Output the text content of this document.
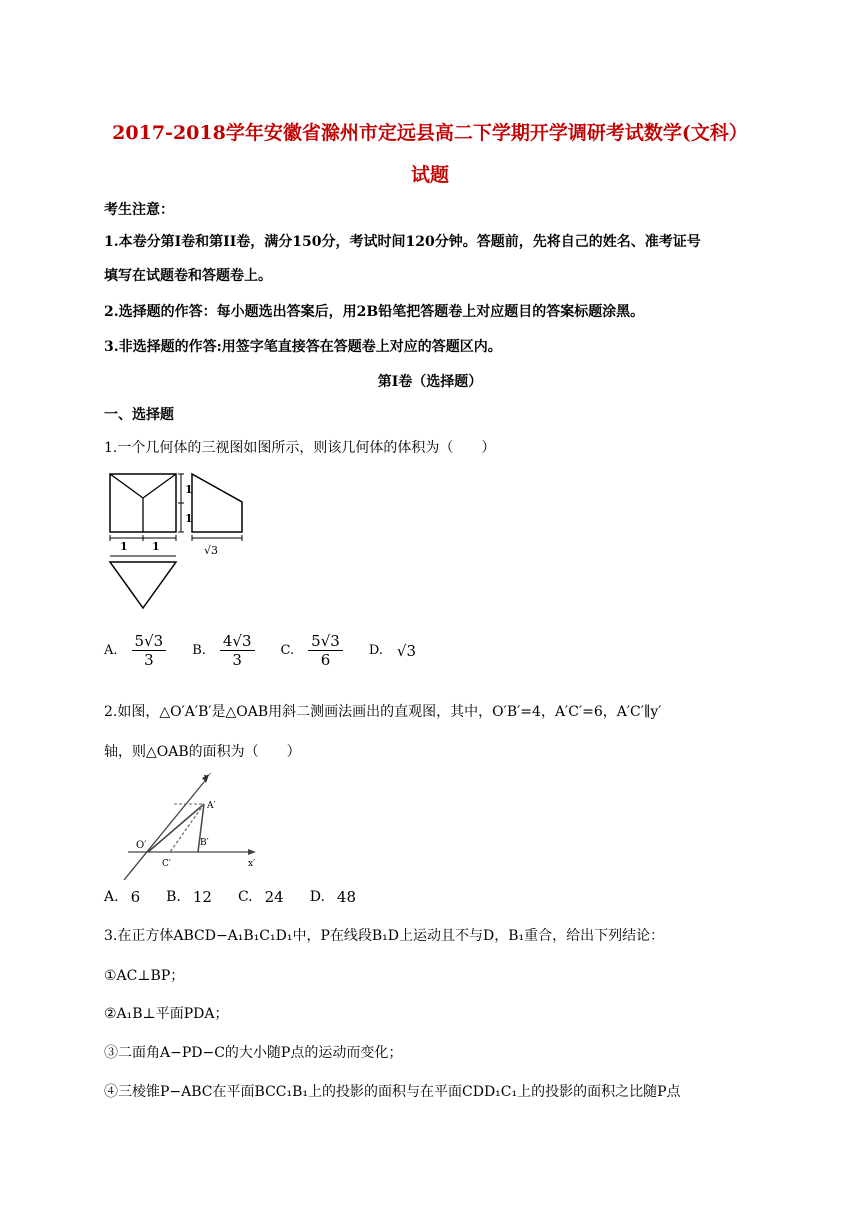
2017-2018学年安徽省滁州市定远县高二下学期开学调研考试数学(文科）
试题
考生注意：
1.本卷分第I卷和第II卷，满分150分，考试时间120分钟。答题前，先将自己的姓名、准考证号
填写在试题卷和答题卷上。
2.选择题的作答：每小题选出答案后，用2B铅笔把答题卷上对应题目的答案标题涂黑。
3.非选择题的作答:用签字笔直接答在答题卷上对应的答题区内。
第I卷（选择题）
一、选择题
1.一个几何体的三视图如图所示，则该几何体的体积为（　　）
1
1
√3
1 1
A. $\frac{5√3}{3} B$. $\frac{4√3}{3} C$. $\frac{5√3}{6} D$. √3
2.如图，△O′A′B′是△OAB用斜二测画法画出的直观图，其中，O′B′=4，A′C′=6，A′C′∥y′
轴，则△OAB的面积为（　　）
y′
A′
O′
C′
B′
x′
A. 6 B. 12 C. 24 D. 48
3.在正方体ABCD−A₁B₁C₁D₁中，P在线段B₁D上运动且不与D，B₁重合，给出下列结论：
①AC⊥BP；
②A₁B⊥平面PDA；
③二面角A−PD−C的大小随P点的运动而变化；
④三棱锥P−ABC在平面BCC₁B₁上的投影的面积与在平面CDD₁C₁上的投影的面积之比随P点
